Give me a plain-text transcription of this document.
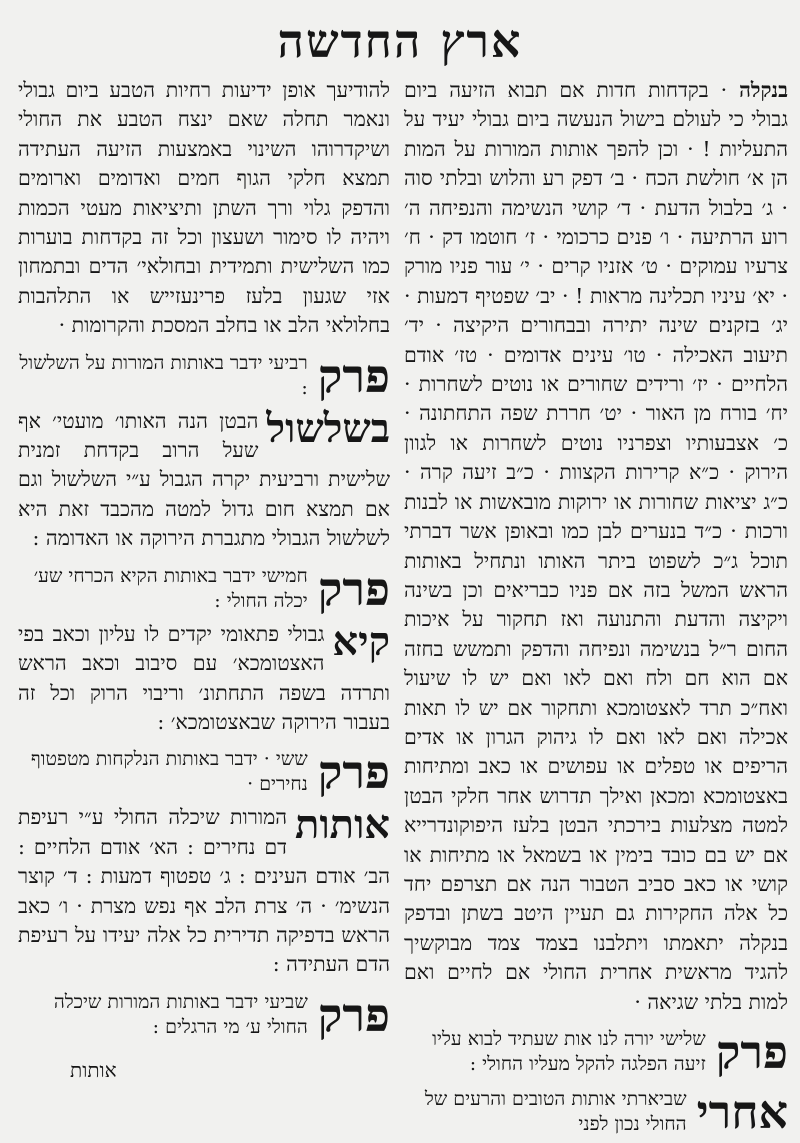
ארץ החדשה

בנקלה · בקדחות חדות אם תבוא הזיעה ביום גבולי כי לעולם בישול הנעשה ביום גבולי יעיד על התעליות ! · וכן להפך אותות המורות על המות הן א׳ חולשת הכח · ב׳ דפק רע והלוש ובלתי סוה · ג׳ בלבול הדעת · ד׳ קושי הנשימה והנפיחה ה׳ רוע הרתיעה · ו׳ פנים כרכומי · ז׳ חוטמו דק · ח׳ צרעיו עמוקים · ט׳ אזניו קרים · י׳ עור פניו מורק · יא׳ עיניו תכלינה מראות ! · יב׳ שפטיף דמעות · יג׳ בזקנים שינה יתירה ובבחורים היקיצה · יד׳ תיעוב האכילה · טו׳ עינים אדומים · טז׳ אודם הלחיים · יז׳ ורידים שחורים או נוטים לשחרות · יח׳ בורח מן האור · יט׳ חררת שפה התחתונה · כ׳ אצבעותיו וצפרניו נוטים לשחרות או לגוון הירוק · כ״א קרירות הקצוות · כ״ב זיעה קרה · כ״ג יציאות שחורות או ירוקות מובאשות או לבנות ורכות · כ״ד בנערים לבן כמו ובאופן אשר דברתי תוכל ג״כ לשפוט ביתר האותו ונתחיל באותות הראש המשל בזה אם פניו כבריאים וכן בשינה ויקיצה והדעת והתנועה ואז תחקור על איכות החום ר״ל בנשימה ונפיחה והדפק ותמשש בחזה אם הוא חם ולח ואם לאו ואם יש לו שיעול ואח״כ תרד לאצטומכא ותחקור אם יש לו תאות אכילה ואם לאו ואם לו גיהוק הגרון או אדים הריפים או טפלים או עפושים או כאב ומתיחות באצטומכא ומכאן ואילך תדרוש אחר חלקי הבטן למטה מצלעות בירכתי הבטן בלעז היפוקונדרייא אם יש בם כובד בימין או בשמאל או מתיחות או קושי או כאב סביב הטבור הנה אם תצרפם יחד כל אלה החקירות גם תעיין היטב בשתן ובדפק בנקלה יתאמתו ויתלבנו בצמד צמד מבוקשיך להגיד מראשית אחרית החולי אם לחיים ואם למות בלתי שגיאה ·

פרק
שלישי יורה לנו אות שעתיד לבוא עליו זיעה הפלגה להקל מעליו החולי :
אחרי
שביארתי אותות הטובים והרעים של החולי נכון לפני

להודיעך אופן ידיעות רחיות הטבע ביום גבולי ונאמר תחלה שאם ינצח הטבע את החולי ושיקדרוהו השינוי באמצעות הזיעה העתידה תמצא חלקי הגוף חמים ואדומים וארומים והדפק גלוי ורך השתן ותיציאות מעטי הכמות ויהיה לו סימור ושעצון וכל זה בקדחות בוערות כמו השלישית ותמידית ובחולאי׳ הדים ובתמחון אזי שגעון בלעז פרינעזייש או התלהבות בחלולאי הלב או בחלב המסכת והקרומות ·

פרק
רביעי ידבר באותות המורות על השלשול :

בשלשול
הבטן הנה האותו׳ מועטי׳ אף שעל הרוב בקדחת זמנית שלישית ורביעית יקרה הגבול ע״י השלשול וגם אם תמצא חום גדול למטה מהכבד זאת היא לשלשול הגבולי מתגברת הירוקה או האדומה :

פרק
חמישי ידבר באותות הקיא הכרחי שע׳ יכלה החולי :

קיא
גבולי פתאומי יקדים לו עליון וכאב בפי האצטומכא׳ עם סיבוב וכאב הראש ותרדה בשפה התחתונ׳ וריבוי הרוק וכל זה בעבור הירוקה שבאצטומכא׳ :

פרק
ששי · ידבר באותות הנלקחות מטפטוף נחירים ·

אותות
המורות שיכלה החולי ע״י רעיפת דם נחירים : הא׳ אודם הלחיים : הב׳ אודם העינים : ג׳ טפטוף דמעות : ד׳ קוצר הנשימ׳ · ה׳ צרת הלב אף נפש מצרת · ו׳ כאב הראש בדפיקה תדירית כל אלה יעידו על רעיפת הדם העתידה :

פרק
שביעי ידבר באותות המורות שיכלה החולי ע׳ מי הרגלים :
אותות
